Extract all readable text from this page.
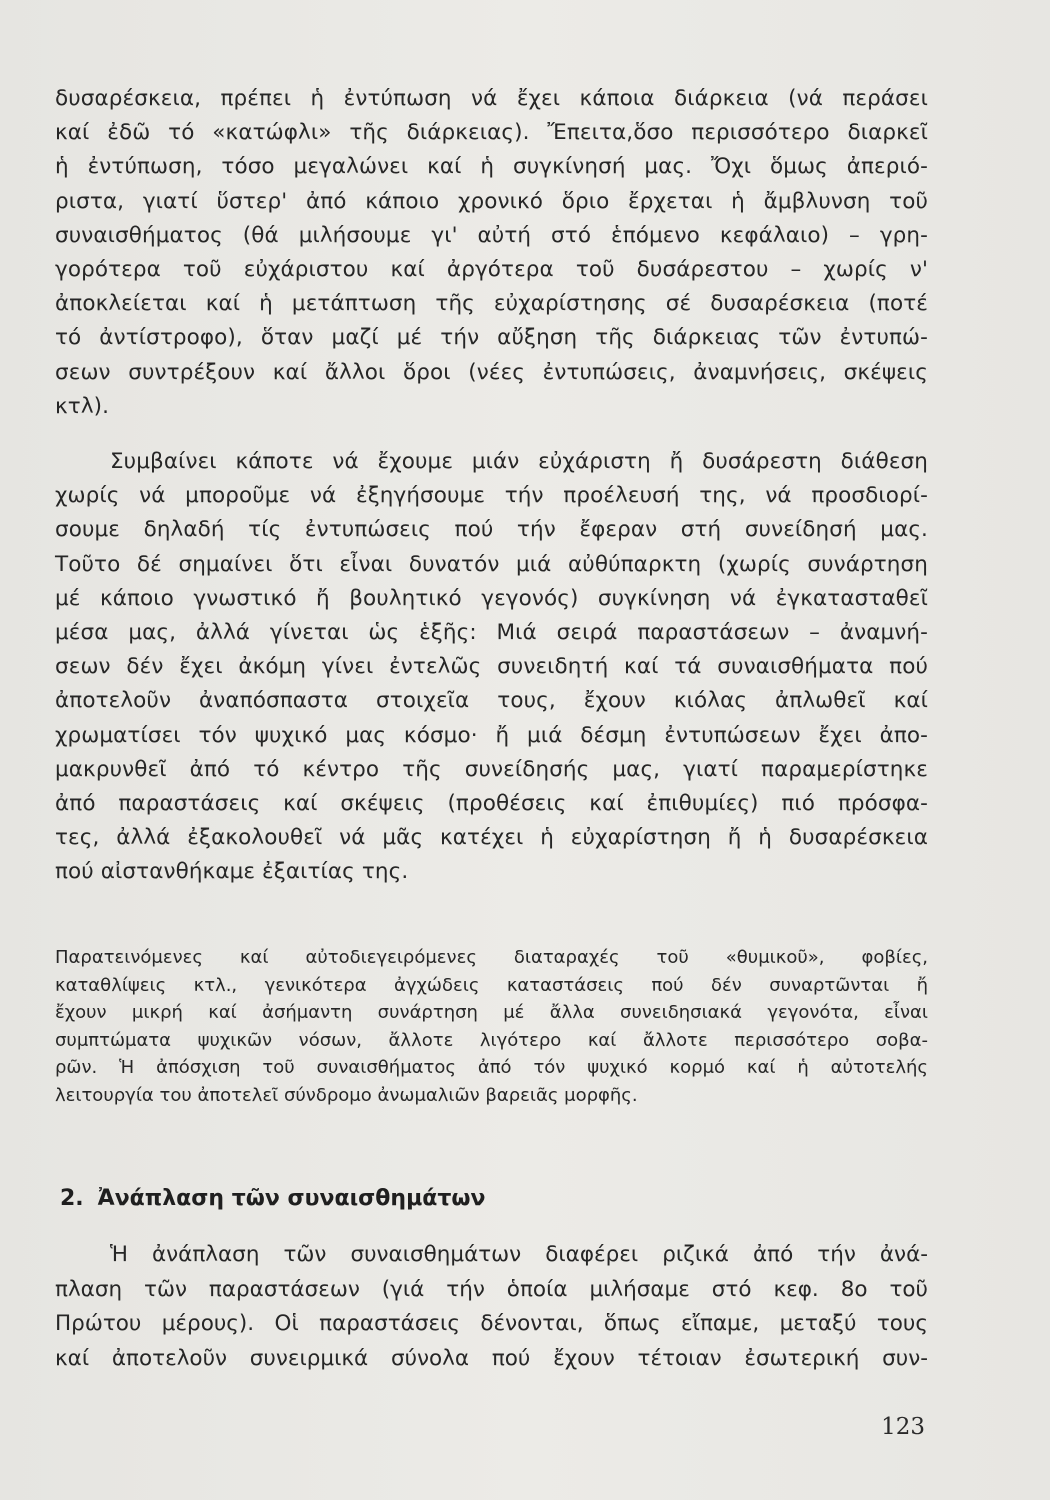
δυσαρέσκεια, πρέπει ἡ ἐντύπωση νά ἔχει κάποια διάρκεια (νά περάσει
καί ἐδῶ τό «κατώφλι» τῆς διάρκειας). Ἔπειτα,ὅσο περισσότερο διαρκεῖ
ἡ ἐντύπωση, τόσο μεγαλώνει καί ἡ συγκίνησή μας. Ὄχι ὅμως ἀπεριό-
ριστα, γιατί ὕστερ' ἀπό κάποιο χρονικό ὅριο ἔρχεται ἡ ἄμβλυνση τοῦ
συναισθήματος (θά μιλήσουμε γι' αὐτή στό ἑπόμενο κεφάλαιο) – γρη-
γορότερα τοῦ εὐχάριστου καί ἀργότερα τοῦ δυσάρεστου – χωρίς ν'
ἀποκλείεται καί ἡ μετάπτωση τῆς εὐχαρίστησης σέ δυσαρέσκεια (ποτέ
τό ἀντίστροφο), ὅταν μαζί μέ τήν αὔξηση τῆς διάρκειας τῶν ἐντυπώ-
σεων συντρέξουν καί ἄλλοι ὅροι (νέες ἐντυπώσεις, ἀναμνήσεις, σκέψεις
κτλ).
Συμβαίνει κάποτε νά ἔχουμε μιάν εὐχάριστη ἤ δυσάρεστη διάθεση
χωρίς νά μποροῦμε νά ἐξηγήσουμε τήν προέλευσή της, νά προσδιορί-
σουμε δηλαδή τίς ἐντυπώσεις πού τήν ἔφεραν στή συνείδησή μας.
Τοῦτο δέ σημαίνει ὅτι εἶναι δυνατόν μιά αὐθύπαρκτη (χωρίς συνάρτηση
μέ κάποιο γνωστικό ἤ βουλητικό γεγονός) συγκίνηση νά ἐγκατασταθεῖ
μέσα μας, ἀλλά γίνεται ὡς ἑξῆς: Μιά σειρά παραστάσεων – ἀναμνή-
σεων δέν ἔχει ἀκόμη γίνει ἐντελῶς συνειδητή καί τά συναισθήματα πού
ἀποτελοῦν ἀναπόσπαστα στοιχεῖα τους, ἔχουν κιόλας ἀπλωθεῖ καί
χρωματίσει τόν ψυχικό μας κόσμο· ἤ μιά δέσμη ἐντυπώσεων ἔχει ἀπο-
μακρυνθεῖ ἀπό τό κέντρο τῆς συνείδησής μας, γιατί παραμερίστηκε
ἀπό παραστάσεις καί σκέψεις (προθέσεις καί ἐπιθυμίες) πιό πρόσφα-
τες, ἀλλά ἐξακολουθεῖ νά μᾶς κατέχει ἡ εὐχαρίστηση ἤ ἡ δυσαρέσκεια
πού αἰστανθήκαμε ἐξαιτίας της.
Παρατεινόμενες καί αὐτοδιεγειρόμενες διαταραχές τοῦ «θυμικοῦ», φοβίες,
καταθλίψεις κτλ., γενικότερα ἀγχώδεις καταστάσεις πού δέν συναρτῶνται ἤ
ἔχουν μικρή καί ἀσήμαντη συνάρτηση μέ ἄλλα συνειδησιακά γεγονότα, εἶναι
συμπτώματα ψυχικῶν νόσων, ἄλλοτε λιγότερο καί ἄλλοτε περισσότερο σοβα-
ρῶν. Ἡ ἀπόσχιση τοῦ συναισθήματος ἀπό τόν ψυχικό κορμό καί ἡ αὐτοτελής
λειτουργία του ἀποτελεῖ σύνδρομο ἀνωμαλιῶν βαρειᾶς μορφῆς.
2. Ἀνάπλαση τῶν συναισθημάτων
Ἡ ἀνάπλαση τῶν συναισθημάτων διαφέρει ριζικά ἀπό τήν ἀνά-
πλαση τῶν παραστάσεων (γιά τήν ὁποία μιλήσαμε στό κεφ. 8ο τοῦ
Πρώτου μέρους). Οἱ παραστάσεις δένονται, ὅπως εἴπαμε, μεταξύ τους
καί ἀποτελοῦν συνειρμικά σύνολα πού ἔχουν τέτοιαν ἐσωτερική συν-
123
